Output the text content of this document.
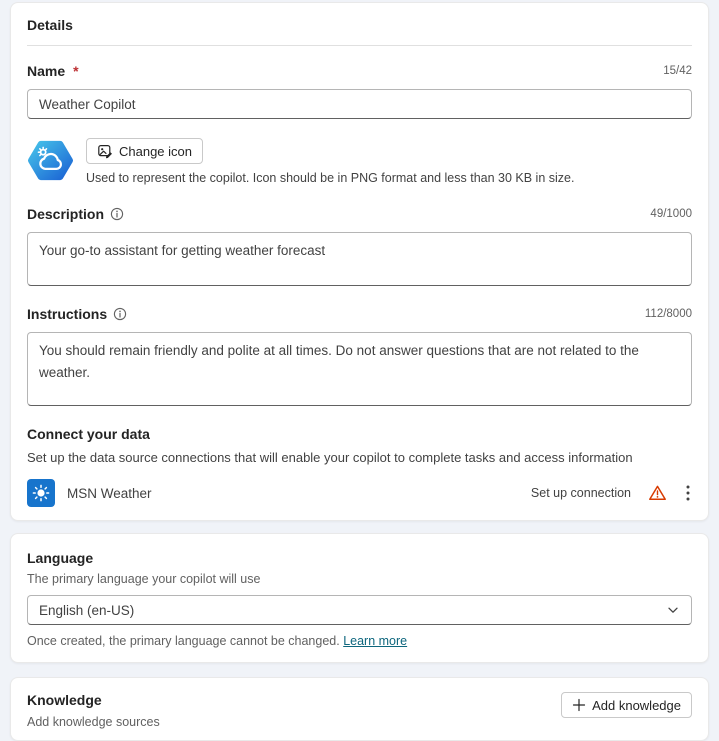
Details
Name *	15/42
Weather Copilot
Change icon
Used to represent the copilot. Icon should be in PNG format and less than 30 KB in size.
Description	49/1000
Your go-to assistant for getting weather forecast
Instructions	112/8000
You should remain friendly and polite at all times. Do not answer questions that are not related to the weather.
Connect your data
Set up the data source connections that will enable your copilot to complete tasks and access information
MSN Weather	Set up connection
Language
The primary language your copilot will use
English (en-US)
Once created, the primary language cannot be changed. Learn more
Knowledge
Add knowledge sources
Add knowledge
